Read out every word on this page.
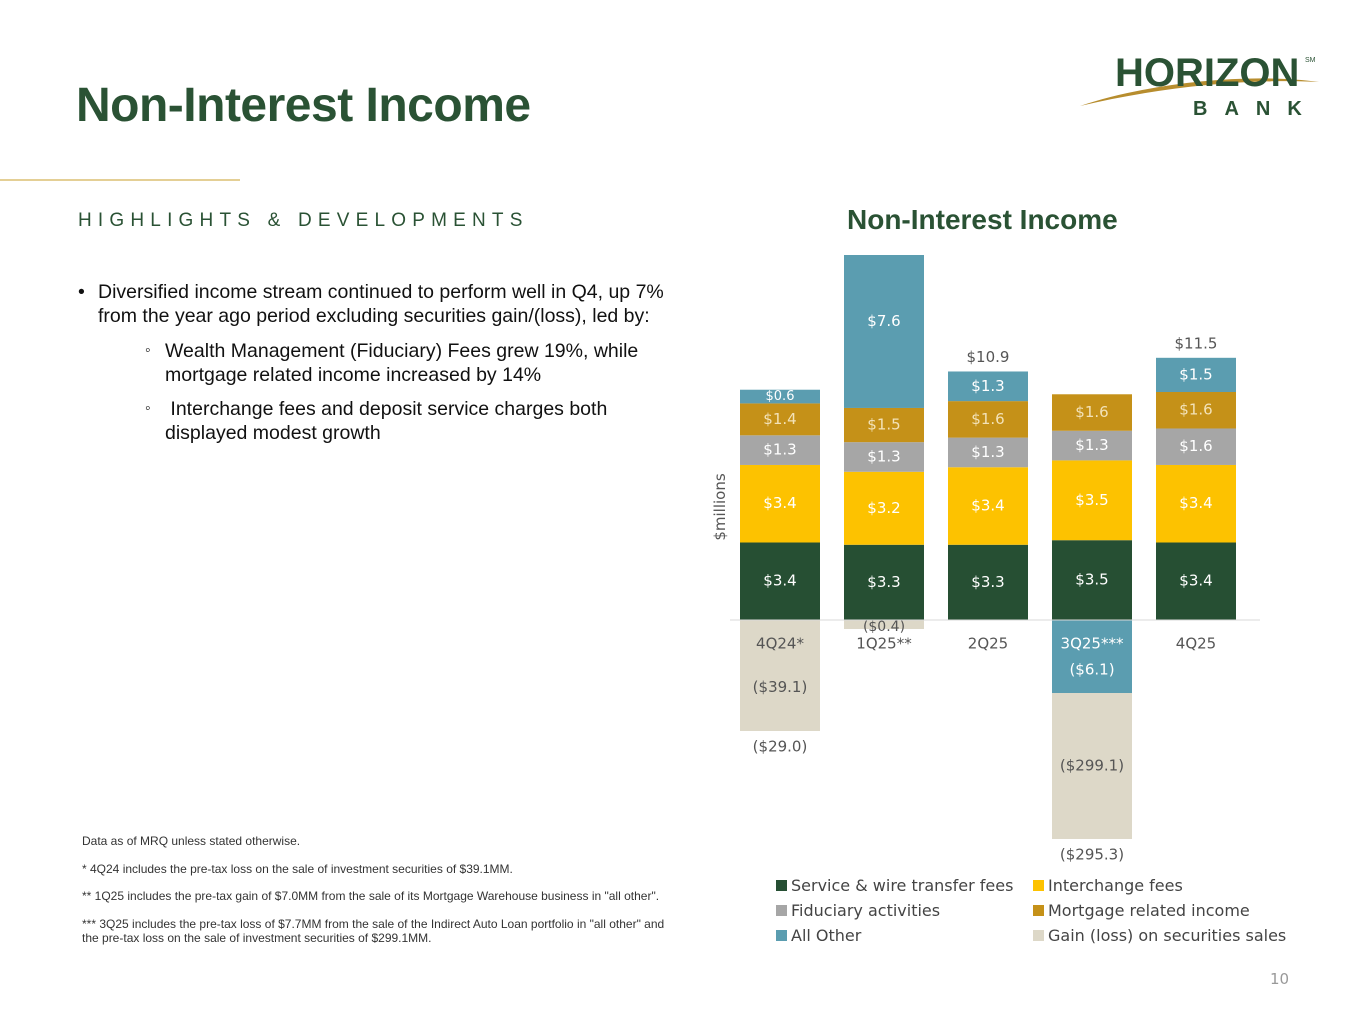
Non-Interest Income
HORIZON SM
BANK
HIGHLIGHTS & DEVELOPMENTS
• Diversified income stream continued to perform well in Q4, up 7% from the year ago period excluding securities gain/(loss), led by:
◦ Wealth Management (Fiduciary) Fees grew 19%, while mortgage related income increased by 14%
◦ Interchange fees and deposit service charges both displayed modest growth

Data as of MRQ unless stated otherwise.

* 4Q24 includes the pre-tax loss on the sale of investment securities of $39.1MM.

** 1Q25 includes the pre-tax gain of $7.0MM from the sale of its Mortgage Warehouse business in "all other".

*** 3Q25 includes the pre-tax loss of $7.7MM from the sale of the Indirect Auto Loan portfolio in "all other" and the pre-tax loss on the sale of investment securities of $299.1MM.

Non-Interest Income
$3.4
$3.4
$1.3
$1.4
$0.6
($39.1)
($29.0)
4Q24*
$3.3
$3.2
$1.3
$1.5
$7.6
($0.4)
1Q25**
$3.3
$3.4
$1.3
$1.6
$1.3
$10.9
2Q25
$3.5
$3.5
$1.3
$1.6
($6.1)
($299.1)
($295.3)
3Q25***
$3.4
$3.4
$1.6
$1.6
$1.5
$11.5
4Q25
$millions
Service & wire transfer fees Interchange fees
Fiduciary activities	Mortgage related income
All Other	Gain (loss) on securities sales
10
